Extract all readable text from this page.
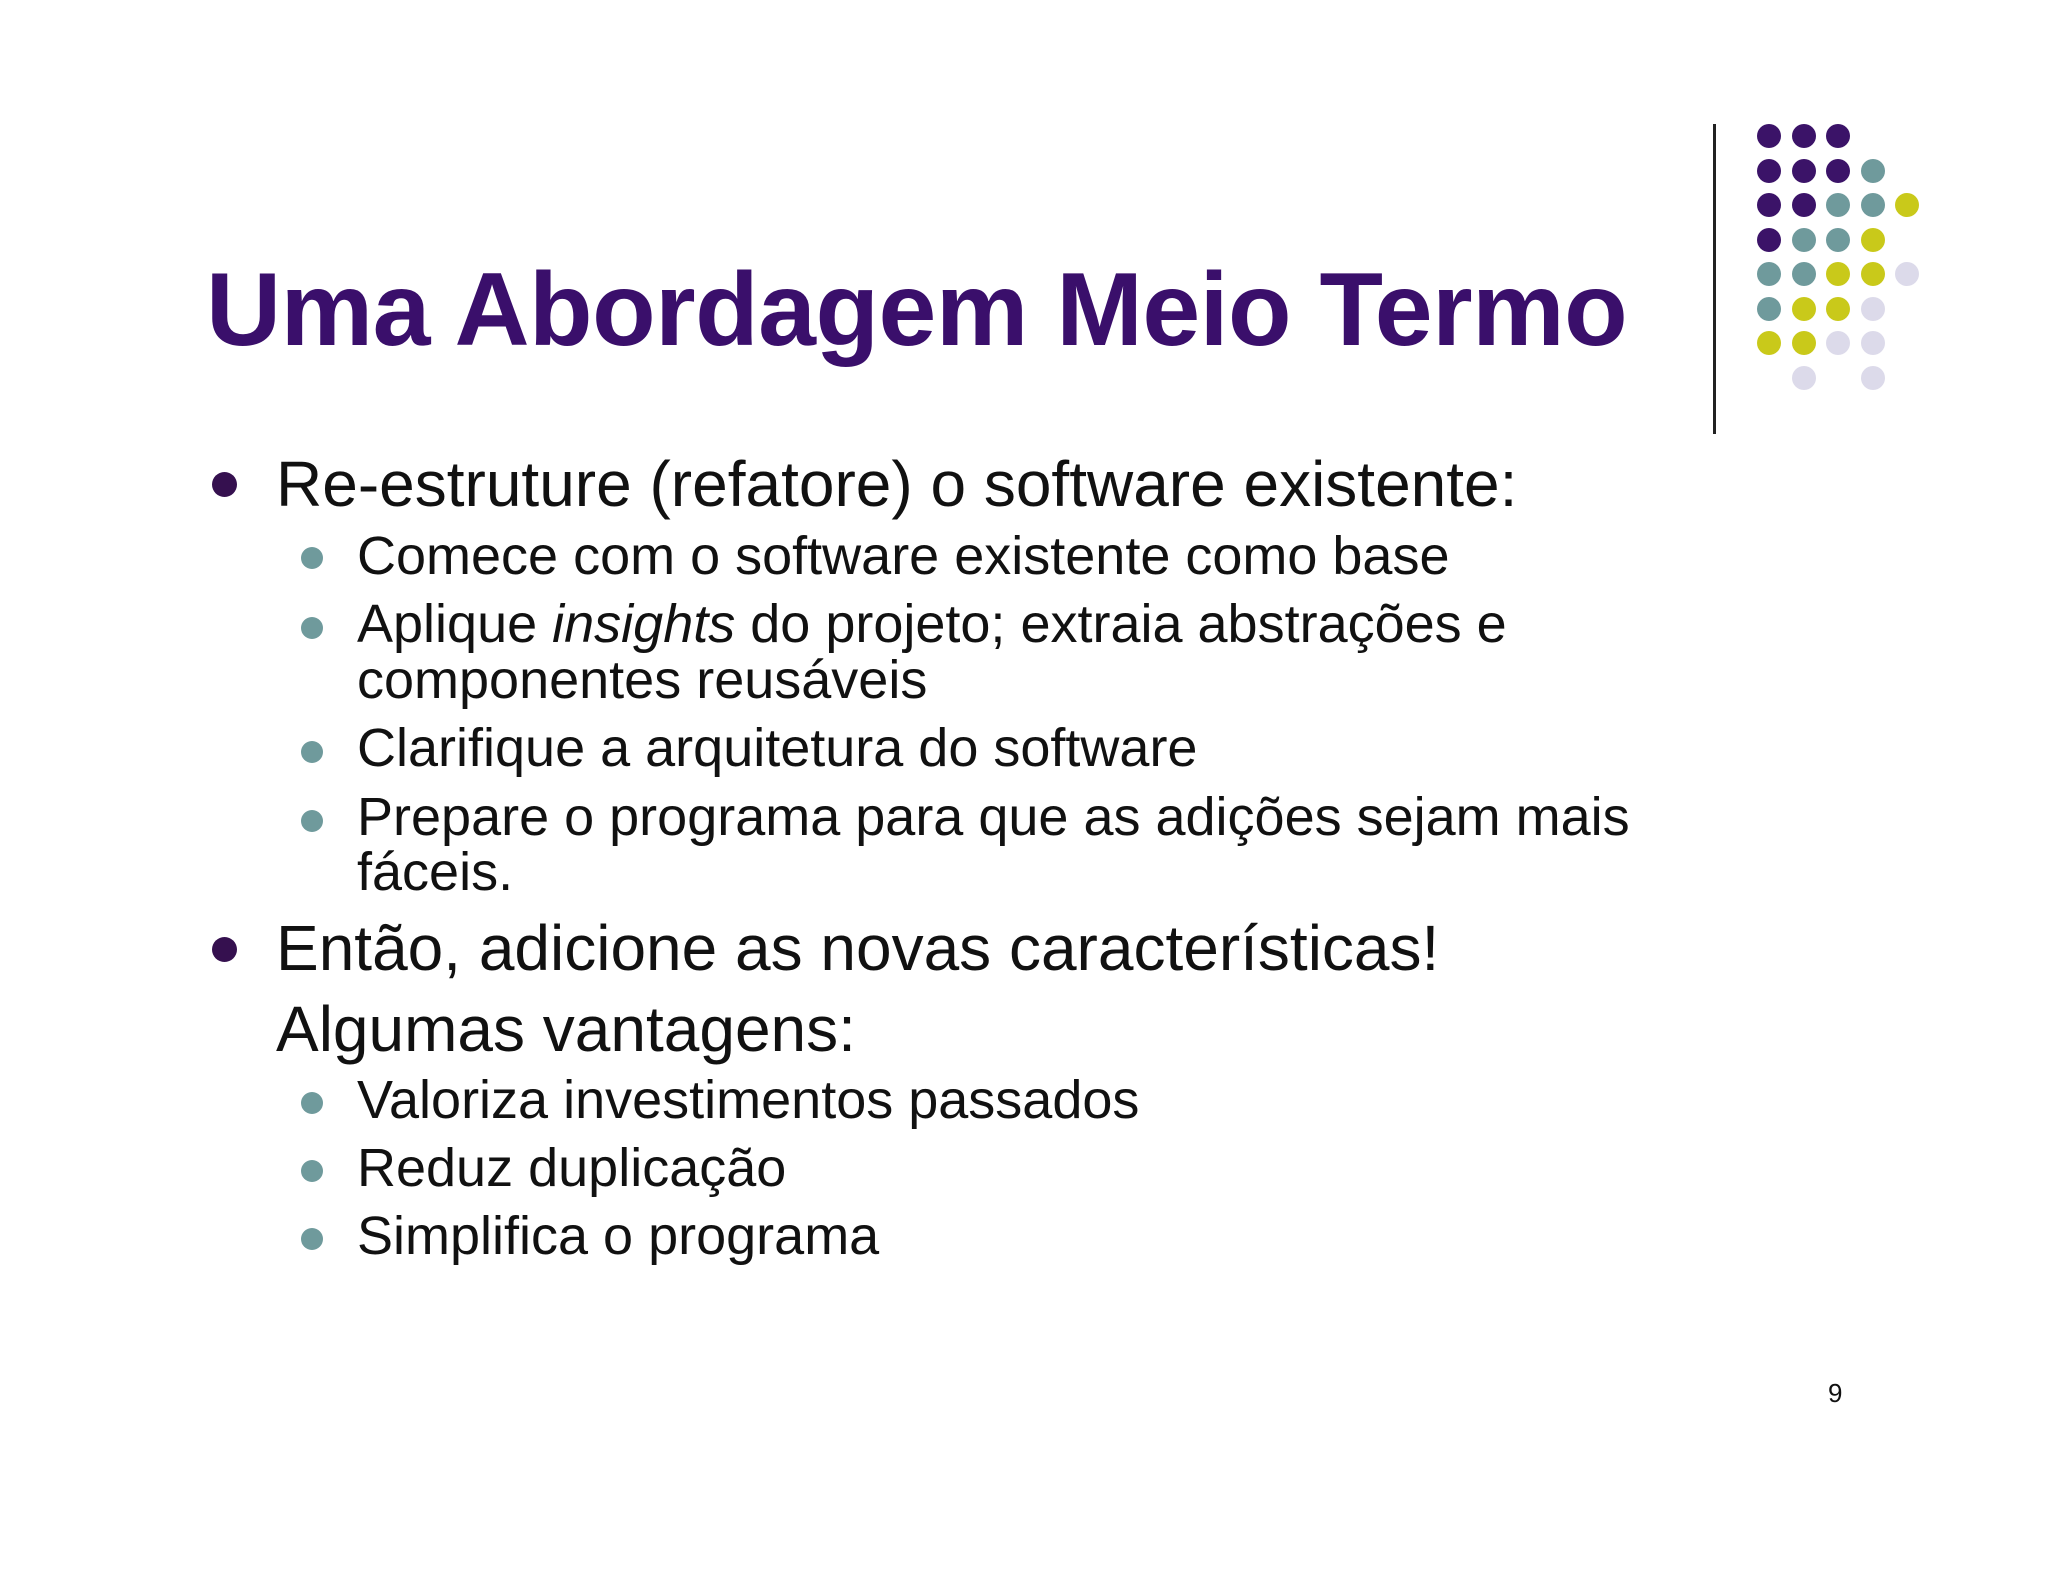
Uma Abordagem Meio Termo
Re-estruture (refatore) o software existente:
Comece com o software existente como base
Aplique insights do projeto; extraia abstrações e
componentes reusáveis
Clarifique a arquitetura do software
Prepare o programa para que as adições sejam mais
fáceis.
Então, adicione as novas características!
Algumas vantagens:
Valoriza investimentos passados
Reduz duplicação
Simplifica o programa
9
